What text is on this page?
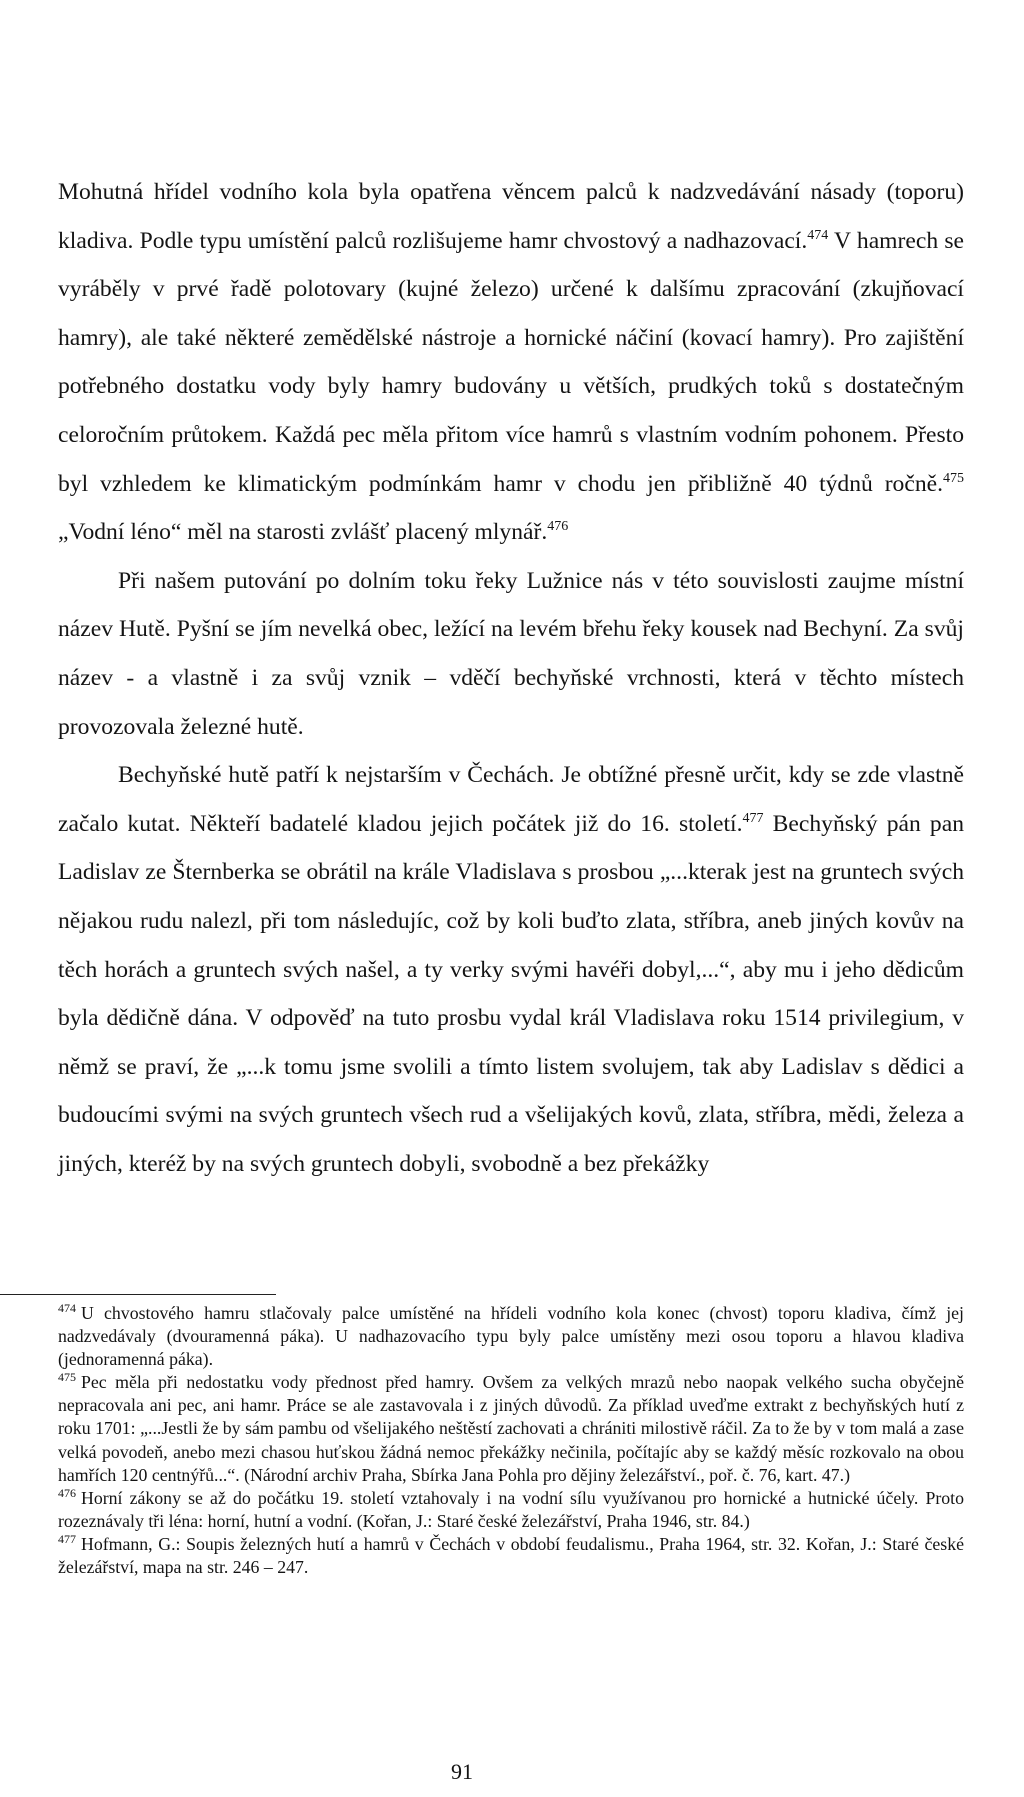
Mohutná hřídel vodního kola byla opatřena věncem palců k nadzvedávání násady (toporu) kladiva. Podle typu umístění palců rozlišujeme hamr chvostový a nadhazovací.$^{474}$ V hamrech se vyráběly v prvé řadě polotovary (kujné železo) určené k dalšímu zpracování (zkujňovací hamry), ale také některé zemědělské nástroje a hornické náčiní (kovací hamry). Pro zajištění potřebného dostatku vody byly hamry budovány u větších, prudkých toků s dostatečným celoročním průtokem. Každá pec měla přitom více hamrů s vlastním vodním pohonem. Přesto byl vzhledem ke klimatickým podmínkám hamr v chodu jen přibližně 40 týdnů ročně.$^{475}$ „Vodní léno“ měl na starosti zvlášť placený mlynář.$^{476}$

Při našem putování po dolním toku řeky Lužnice nás v této souvislosti zaujme místní název Hutě. Pyšní se jím nevelká obec, ležící na levém břehu řeky kousek nad Bechyní. Za svůj název - a vlastně i za svůj vznik – vděčí bechyňské vrchnosti, která v těchto místech provozovala železné hutě.

Bechyňské hutě patří k nejstarším v Čechách. Je obtížné přesně určit, kdy se zde vlastně začalo kutat. Někteří badatelé kladou jejich počátek již do 16. století.$^{477}$ Bechyňský pán pan Ladislav ze Šternberka se obrátil na krále Vladislava s prosbou „...kterak jest na gruntech svých nějakou rudu nalezl, při tom následujíc, což by koli buďto zlata, stříbra, aneb jiných kovův na těch horách a gruntech svých našel, a ty verky svými havéři dobyl,...“, aby mu i jeho dědicům byla dědičně dána. V odpověď na tuto prosbu vydal král Vladislava roku 1514 privilegium, v němž se praví, že „...k tomu jsme svolili a tímto listem svolujem, tak aby Ladislav s dědici a budoucími svými na svých gruntech všech rud a všelijakých kovů, zlata, stříbra, mědi, železa a jiných, kteréž by na svých gruntech dobyli, svobodně a bez překážky

$^{474}$ U chvostového hamru stlačovaly palce umístěné na hřídeli vodního kola konec (chvost) toporu kladiva, čímž jej nadzvedávaly (dvouramenná páka). U nadhazovacího typu byly palce umístěny mezi osou toporu a hlavou kladiva (jednoramenná páka).

$^{475}$ Pec měla při nedostatku vody přednost před hamry. Ovšem za velkých mrazů nebo naopak velkého sucha obyčejně nepracovala ani pec, ani hamr. Práce se ale zastavovala i z jiných důvodů. Za příklad uveďme extrakt z bechyňských hutí z roku 1701: „...Jestli že by sám pambu od všelijakého neštěstí zachovati a chrániti milostivě ráčil. Za to že by v tom malá a zase velká povodeň, anebo mezi chasou huťskou žádná nemoc překážky nečinila, počítajíc aby se každý měsíc rozkovalo na obou hamřích 120 centnýřů...“. (Národní archiv Praha, Sbírka Jana Pohla pro dějiny železářství., poř. č. 76, kart. 47.)

$^{476}$ Horní zákony se až do počátku 19. století vztahovaly i na vodní sílu využívanou pro hornické a hutnické účely. Proto rozeznávaly tři léna: horní, hutní a vodní. (Kořan, J.: Staré české železářství, Praha 1946, str. 84.)

$^{477}$ Hofmann, G.: Soupis železných hutí a hamrů v Čechách v období feudalismu., Praha 1964, str. 32. Kořan, J.: Staré české železářství, mapa na str. 246 – 247.

91
